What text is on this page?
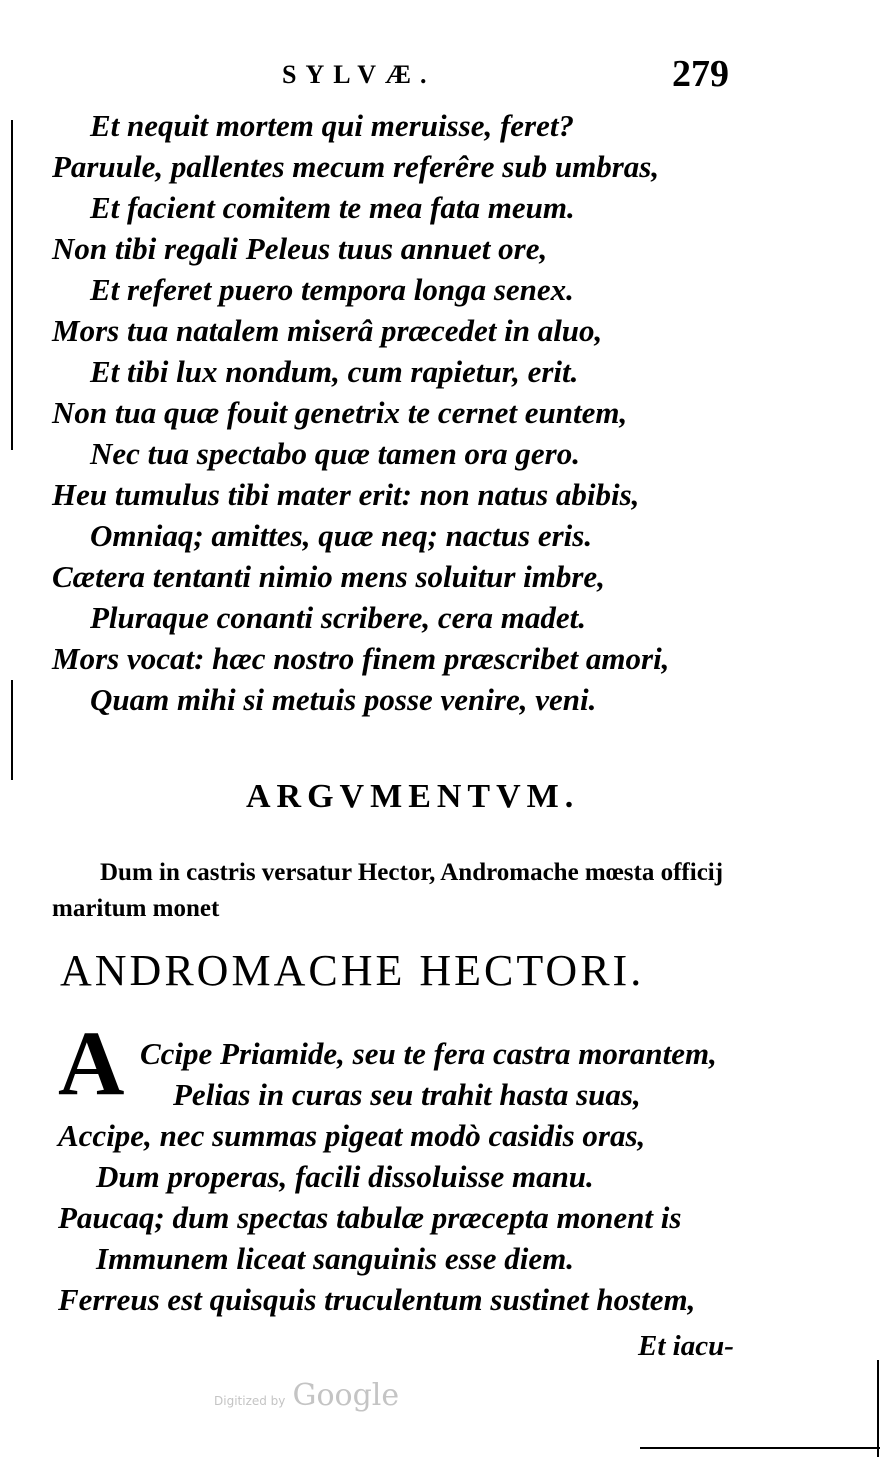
SYLVÆ.	279
Et nequit mortem qui meruisse, feret?
Paruule, pallentes mecum referêre sub umbras,
Et facient comitem te mea fata meum.
Non tibi regali Peleus tuus annuet ore,
Et referet puero tempora longa senex.
Mors tua natalem miserâ præcedet in aluo,
Et tibi lux nondum, cum rapietur, erit.
Non tua quæ fouit genetrix te cernet euntem,
Nec tua spectabo quæ tamen ora gero.
Heu tumulus tibi mater erit: non natus abibis,
Omniaq; amittes, quæ neq; nactus eris.
Cætera tentanti nimio mens soluitur imbre,
Pluraque conanti scribere, cera madet.
Mors vocat: hæc nostro finem præscribet amori,
Quam mihi si metuis posse venire, veni.
ARGVMENTVM.
Dum in castris versatur Hector, Andromache mœsta officij maritum monet
ANDROMACHE HECTORI.
A Ccipe Priamide, seu te fera castra morantem,
Pelias in curas seu trahit hasta suas,
Accipe, nec summas pigeat modò casidis oras,
Dum properas, facili dissoluisse manu.
Paucaq; dum spectas tabulæ præcepta monent is
Immunem liceat sanguinis esse diem.
Ferreus est quisquis truculentum sustinet hostem,
Et iacu-
Digitized by Google
